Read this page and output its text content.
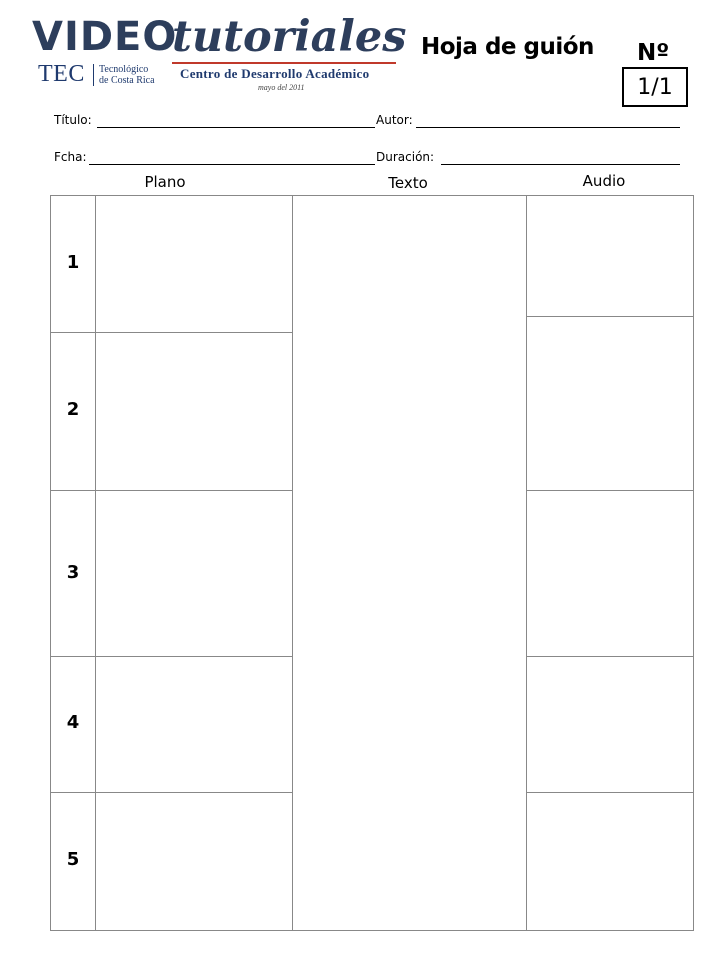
VIDEO
tutoriales
TEC Tecnológico
de Costa Rica Centro de Desarrollo Académico
mayo del 2011
Hoja de guión Nº
1/1
Título:	Autor:
Fcha:	Duración:
Plano	Texto	Audio
1
2
3
4
5
